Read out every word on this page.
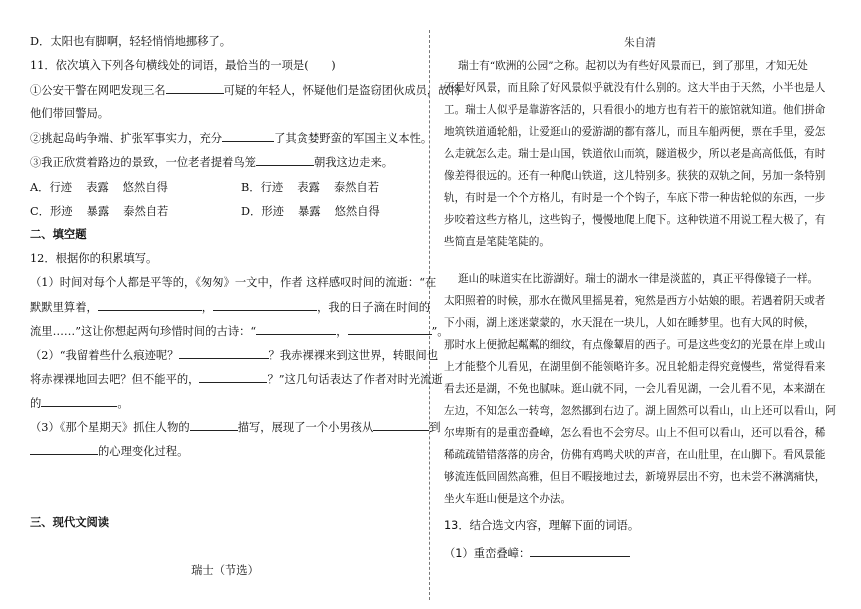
D．太阳也有脚啊，轻轻悄悄地挪移了。
11．依次填入下列各句横线处的词语，最恰当的一项是(　　)
①公安干警在网吧发现三名	可疑的年轻人，怀疑他们是盗窃团伙成员，故将
他们带回警局。
②挑起岛屿争端、扩张军事实力，充分	了其贪婪野蛮的军国主义本性。
③我正欣赏着路边的景致，一位老者提着鸟笼	朝我这边走来。
A．行迹 表露 悠然自得	B．行迹 表露 泰然自若
C．形迹 暴露 泰然自若	D．形迹 暴露 悠然自得
二、填空题
12．根据你的积累填写。
（1）时间对每个人都是平等的，《匆匆》一文中，作者 这样感叹时间的流逝：“在
默默里算着，	，	，我的日子滴在时间的
流里……”这让你想起两句珍惜时间的古诗：“	，	”。
（2）“我留着些什么痕迹呢？	？我赤裸裸来到这世界，转眼间也
将赤裸裸地回去吧？但不能平的，	？”这几句话表达了作者对时光流逝
的	。
（3）《那个星期天》抓住人物的	描写，展现了一个小男孩从	到
的心理变化过程。
三、现代文阅读
瑞士（节选）
朱自清
瑞士有“欧洲的公园”之称。起初以为有些好风景而已，到了那里，才知无处
不是好风景，而且除了好风景似乎就没有什么别的。这大半由于天然，小半也是人
工。瑞士人似乎是靠游客活的，只看很小的地方也有若干的旅馆就知道。他们拼命
地筑铁道通轮船，让爱逛山的爱游湖的都有落儿，而且车船两便，票在手里，爱怎
么走就怎么走。瑞士是山国，铁道依山而筑，隧道极少，所以老是高高低低，有时
像差得很远的。还有一种爬山铁道，这儿特别多。狭狭的双轨之间，另加一条特别
轨，有时是一个个方格儿，有时是一个个钩子，车底下带一种齿轮似的东西，一步
步咬着这些方格儿，这些钩子，慢慢地爬上爬下。这种铁道不用说工程大极了，有
些简直是笔陡笔陡的。
逛山的味道实在比游湖好。瑞士的湖水一律是淡蓝的，真正平得像镜子一样。
太阳照着的时候，那水在微风里摇晃着，宛然是西方小姑娘的眼。若遇着阴天或者
下小雨，湖上迷迷蒙蒙的，水天混在一块儿，人如在睡梦里。也有大风的时候，
那时水上便掀起粼粼的细纹，有点像颦眉的西子。可是这些变幻的光景在岸上或山
上才能整个儿看见，在湖里倒不能领略许多。况且轮船走得究竟慢些，常觉得看来
看去还是湖，不免也腻味。逛山就不同，一会儿看见湖，一会儿看不见，本来湖在
左边，不知怎么一转弯，忽然挪到右边了。湖上固然可以看山，山上还可以看山，阿
尔卑斯有的是重峦叠嶂，怎么看也不会穷尽。山上不但可以看山，还可以看谷，稀
稀疏疏错错落落的房舍，仿佛有鸡鸣犬吠的声音，在山肚里，在山脚下。看风景能
够流连低回固然高雅，但目不暇接地过去，新境界层出不穷，也未尝不淋漓痛快，
坐火车逛山便是这个办法。
13．结合选文内容，理解下面的词语。
（1）重峦叠嶂：
